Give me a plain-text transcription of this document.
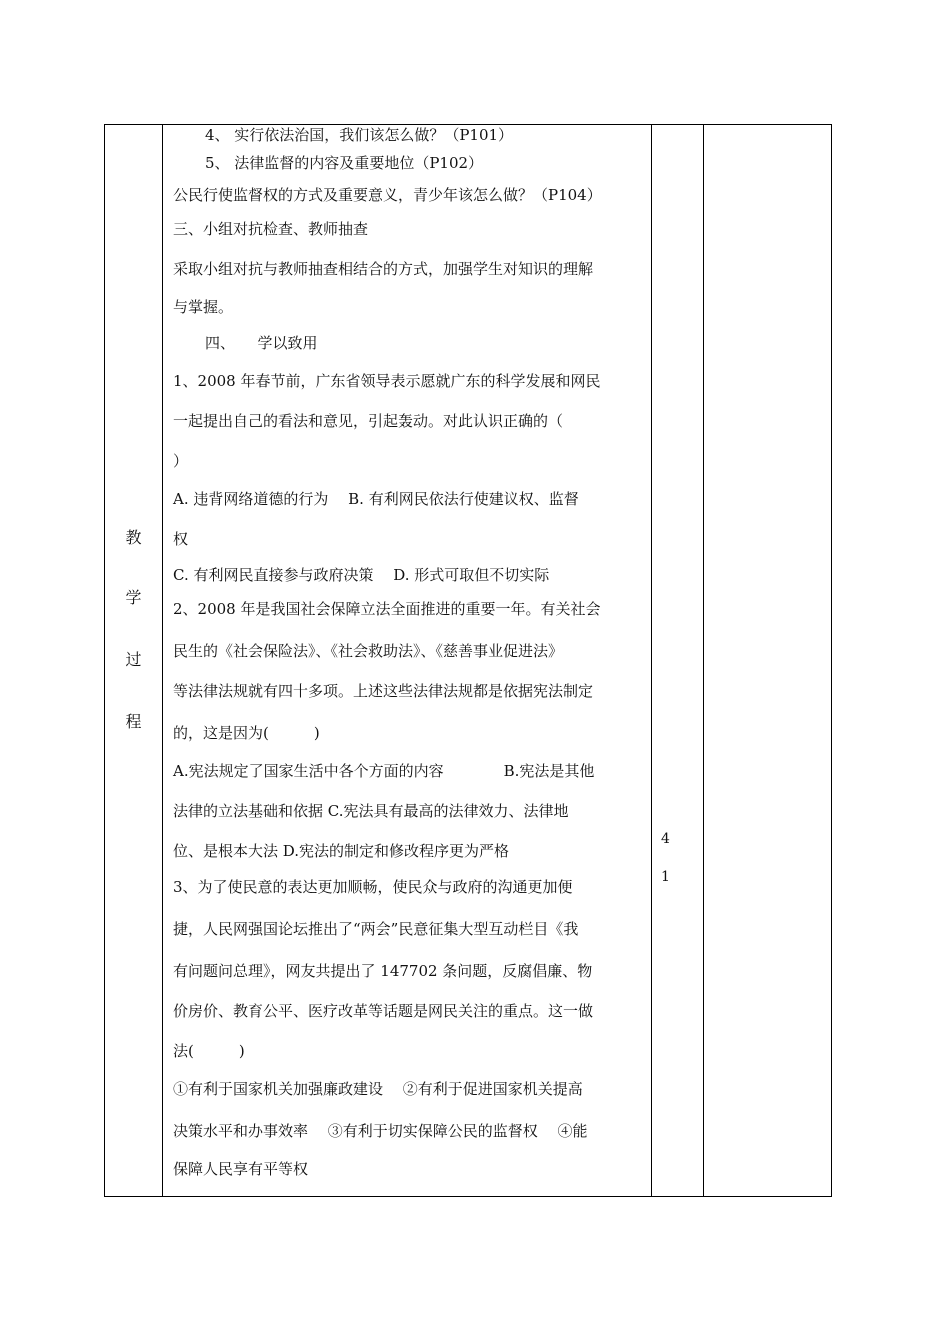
教
学
过
程
4、 实行依法治国，我们该怎么做？（P101）
5、 法律监督的内容及重要地位（P102）
公民行使监督权的方式及重要意义，青少年该怎么做？（P104）
三、小组对抗检查、教师抽查
采取小组对抗与教师抽查相结合的方式，加强学生对知识的理解
与掌握。
四、　　学以致用
1、2008 年春节前，广东省领导表示愿就广东的科学发展和网民
一起提出自己的看法和意见，引起轰动。对此认识正确的（
）
A. 违背网络道德的行为　 B. 有利网民依法行使建议权、监督
权
C. 有利网民直接参与政府决策　 D. 形式可取但不切实际
2、2008 年是我国社会保障立法全面推进的重要一年。有关社会
民生的《社会保险法》、《社会救助法》、《慈善事业促进法》
等法律法规就有四十多项。上述这些法律法规都是依据宪法制定
的，这是因为(　　　)
A.宪法规定了国家生活中各个方面的内容　　　　B.宪法是其他
法律的立法基础和依据 C.宪法具有最高的法律效力、法律地
位、是根本大法 D.宪法的制定和修改程序更为严格
3、为了使民意的表达更加顺畅，使民众与政府的沟通更加便
捷，人民网强国论坛推出了“两会”民意征集大型互动栏目《我
有问题问总理》，网友共提出了 147702 条问题，反腐倡廉、物
价房价、教育公平、医疗改革等话题是网民关注的重点。这一做
法(　　　)
①有利于国家机关加强廉政建设　 ②有利于促进国家机关提高
决策水平和办事效率　 ③有利于切实保障公民的监督权　 ④能
保障人民享有平等权
4
1
